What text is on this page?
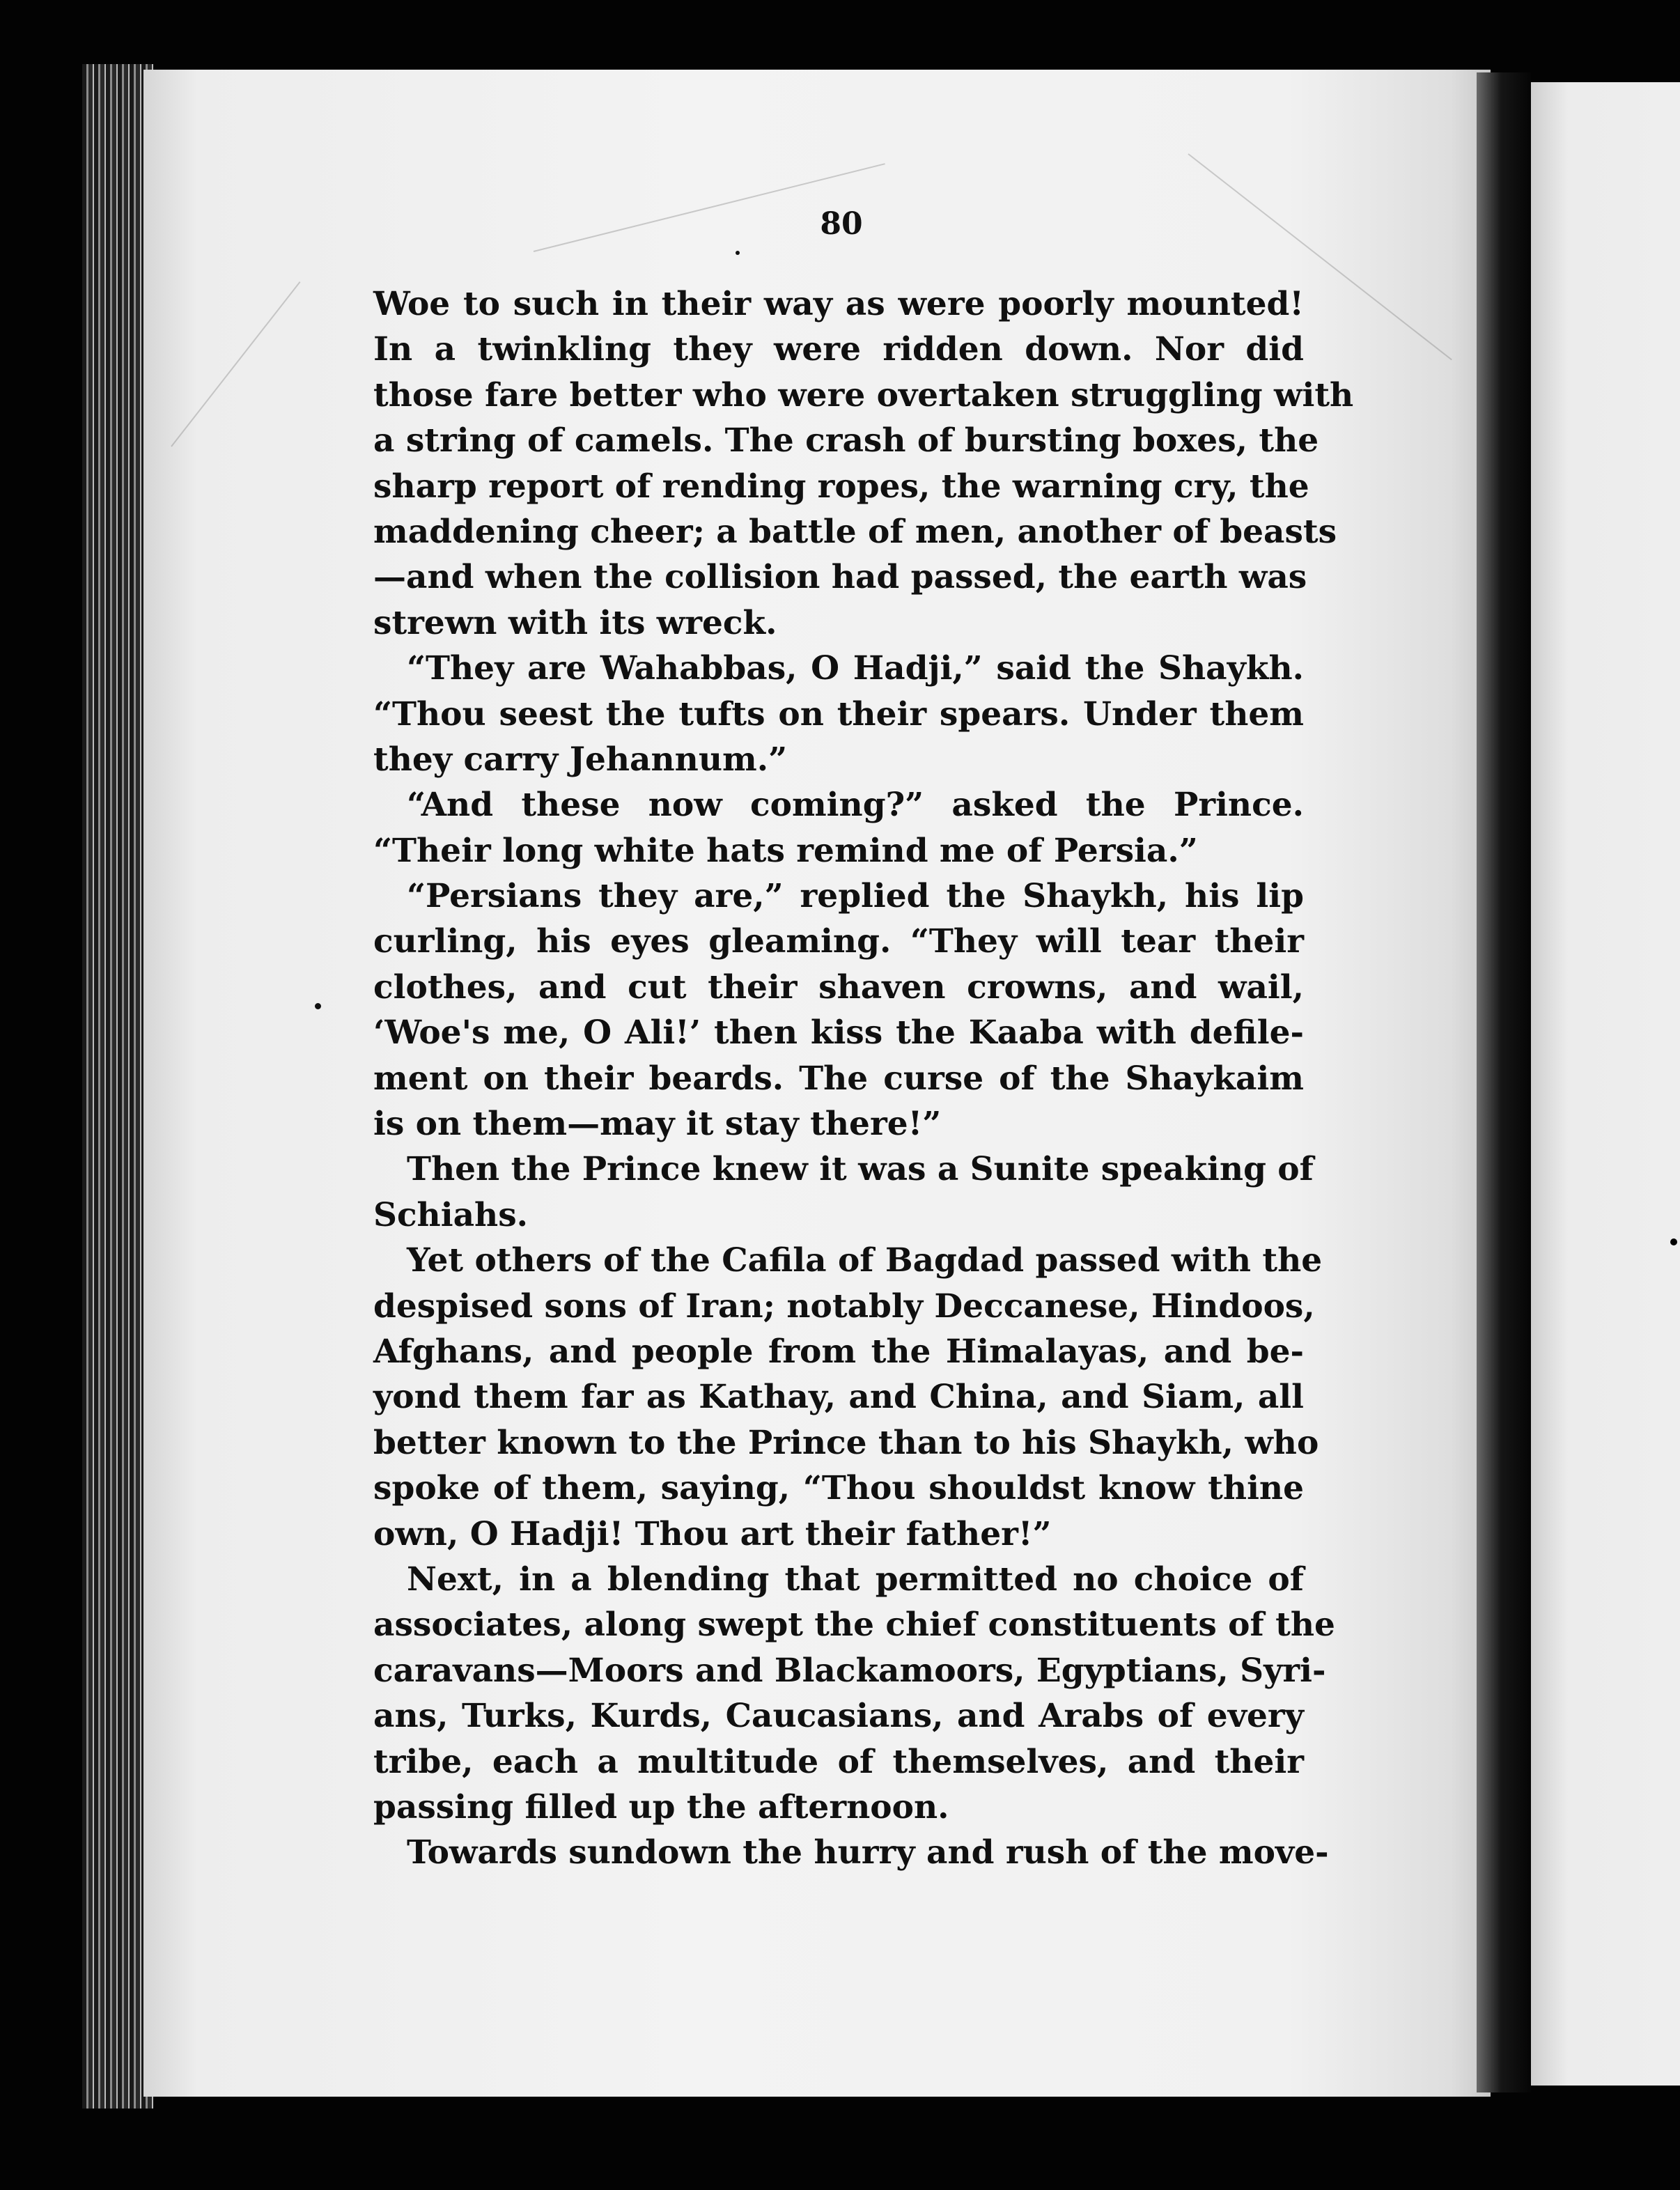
80
Woe to such in their way as were poorly mounted!
In a twinkling they were ridden down. Nor did
those fare better who were overtaken struggling with
a string of camels. The crash of bursting boxes, the
sharp report of rending ropes, the warning cry, the
maddening cheer; a battle of men, another of beasts
—and when the collision had passed, the earth was
strewn with its wreck.
“They are Wahabbas, O Hadji,” said the Shaykh.
“Thou seest the tufts on their spears. Under them
they carry Jehannum.”
“And these now coming?” asked the Prince.
“Their long white hats remind me of Persia.”
“Persians they are,” replied the Shaykh, his lip
curling, his eyes gleaming. “They will tear their
clothes, and cut their shaven crowns, and wail,
‘Woe's me, O Ali!’ then kiss the Kaaba with defile-
ment on their beards. The curse of the Shaykaim
is on them—may it stay there!”
Then the Prince knew it was a Sunite speaking of
Schiahs.
Yet others of the Cafila of Bagdad passed with the
despised sons of Iran; notably Deccanese, Hindoos,
Afghans, and people from the Himalayas, and be-
yond them far as Kathay, and China, and Siam, all
better known to the Prince than to his Shaykh, who
spoke of them, saying, “Thou shouldst know thine
own, O Hadji! Thou art their father!”
Next, in a blending that permitted no choice of
associates, along swept the chief constituents of the
caravans—Moors and Blackamoors, Egyptians, Syri-
ans, Turks, Kurds, Caucasians, and Arabs of every
tribe, each a multitude of themselves, and their
passing filled up the afternoon.
Towards sundown the hurry and rush of the move-
